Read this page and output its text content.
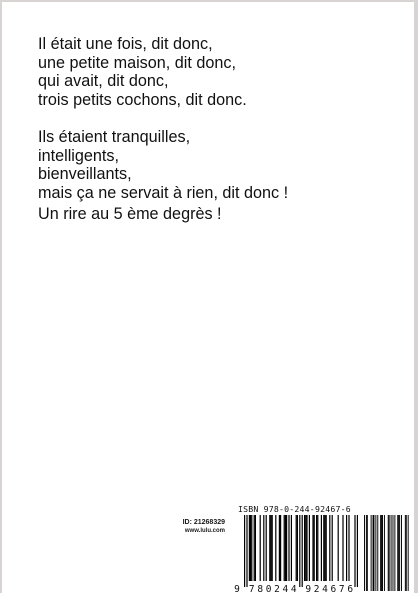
Il était une fois, dit donc,
une petite maison, dit donc,
qui avait, dit donc,
trois petits cochons, dit donc.
Ils étaient tranquilles,
intelligents,
bienveillants,
mais ça ne servait à rien, dit donc !
Un rire au 5 ème degrès !
ID: 21268329
www.lulu.com
ISBN 978-0-244-92467-6
9 7 8 0 2 4 4 9 2 4 6 7 6
